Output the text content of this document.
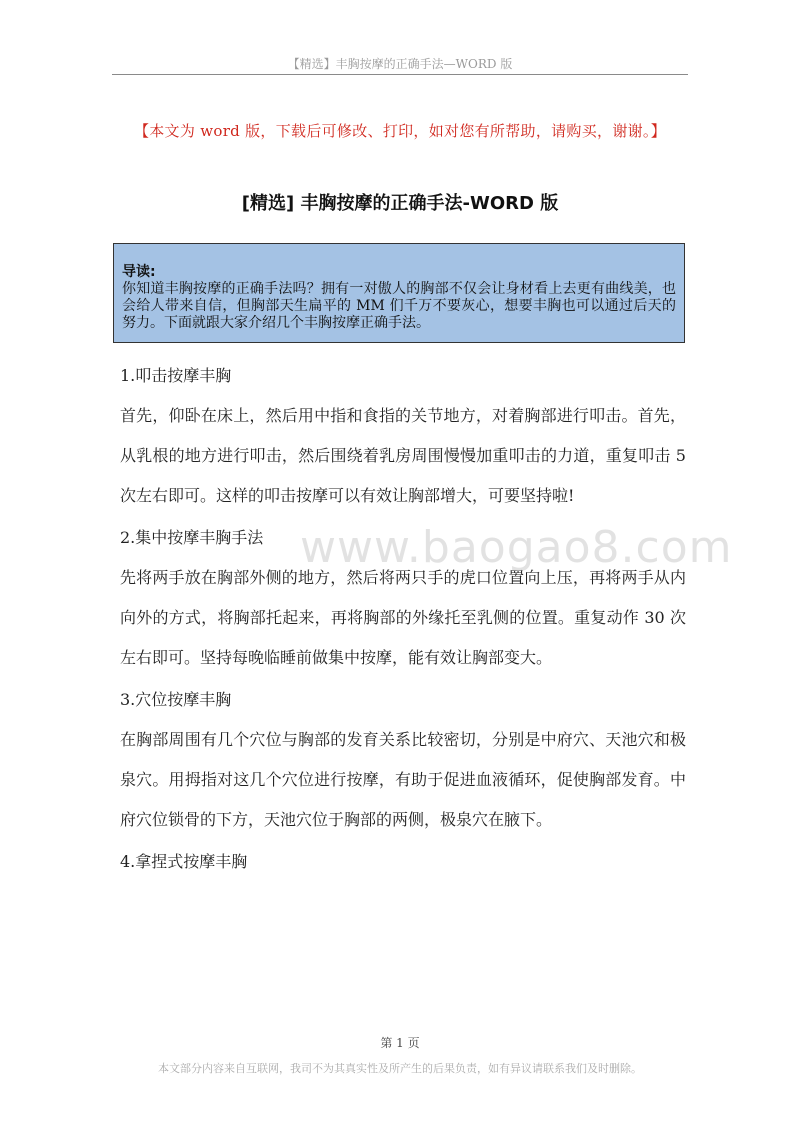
【精选】丰胸按摩的正确手法—WORD 版
【本文为 word 版，下载后可修改、打印，如对您有所帮助，请购买，谢谢。】
[精选] 丰胸按摩的正确手法-WORD 版
导读:
你知道丰胸按摩的正确手法吗？拥有一对傲人的胸部不仅会让身材看上去更有曲线美，也会给人带来自信，但胸部天生扁平的 MM 们千万不要灰心，想要丰胸也可以通过后天的努力。下面就跟大家介绍几个丰胸按摩正确手法。

1.叩击按摩丰胸

首先，仰卧在床上，然后用中指和食指的关节地方，对着胸部进行叩击。首先，从乳根的地方进行叩击，然后围绕着乳房周围慢慢加重叩击的力道，重复叩击 5 次左右即可。这样的叩击按摩可以有效让胸部增大，可要坚持啦!

2.集中按摩丰胸手法

先将两手放在胸部外侧的地方，然后将两只手的虎口位置向上压，再将两手从内向外的方式，将胸部托起来，再将胸部的外缘托至乳侧的位置。重复动作 30 次左右即可。坚持每晚临睡前做集中按摩，能有效让胸部变大。

3.穴位按摩丰胸

在胸部周围有几个穴位与胸部的发育关系比较密切，分别是中府穴、天池穴和极泉穴。用拇指对这几个穴位进行按摩，有助于促进血液循环，促使胸部发育。中府穴位锁骨的下方，天池穴位于胸部的两侧，极泉穴在腋下。

4.拿捏式按摩丰胸

www.baogao8.com
第 1 页
本文部分内容来自互联网，我司不为其真实性及所产生的后果负责，如有异议请联系我们及时删除。
